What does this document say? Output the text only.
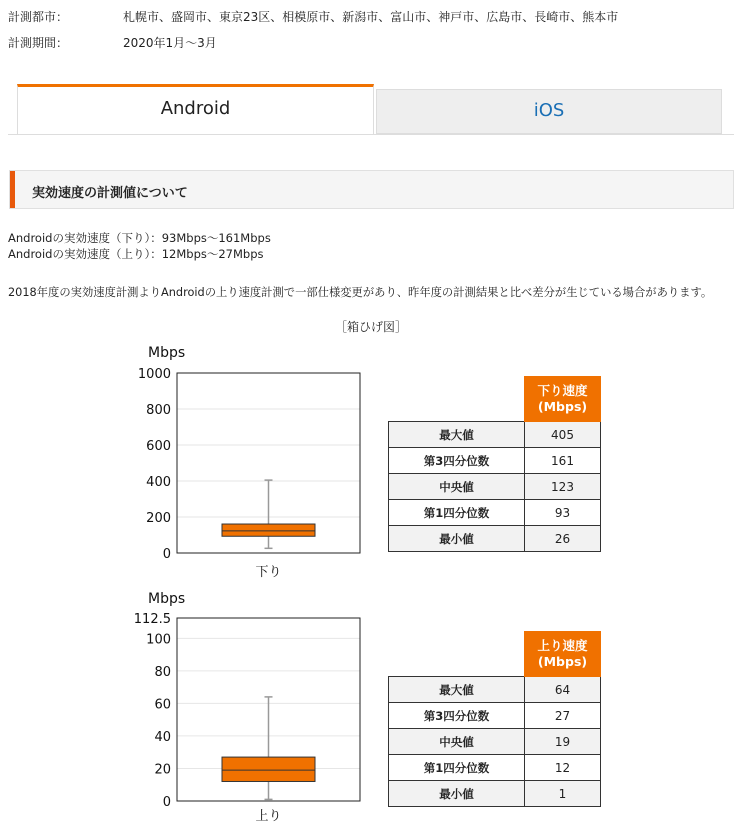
計測都市：	札幌市、盛岡市、東京23区、相模原市、新潟市、富山市、神戸市、広島市、長崎市、熊本市
計測期間：	2020年1月〜3月
Android	iOS
実効速度の計測値について
Androidの実効速度（下り）：93Mbps〜161Mbps
Androidの実効速度（上り）：12Mbps〜27Mbps
2018年度の実効速度計測よりAndroidの上り速度計測で一部仕様変更があり、昨年度の計測結果と比べ差分が生じている場合があります。
［箱ひげ図］
1000
800
600
400
200
0
Mbps
下り
112.5
100
80
60
40
20
0
Mbps
上り

	下り速度
(Mbps)

最大値	405
第3四分位数	161
中央値	123
第1四分位数	93
最小値	26

	上り速度
(Mbps)

最大値	64
第3四分位数	27
中央値	19
第1四分位数	12
最小値	1
